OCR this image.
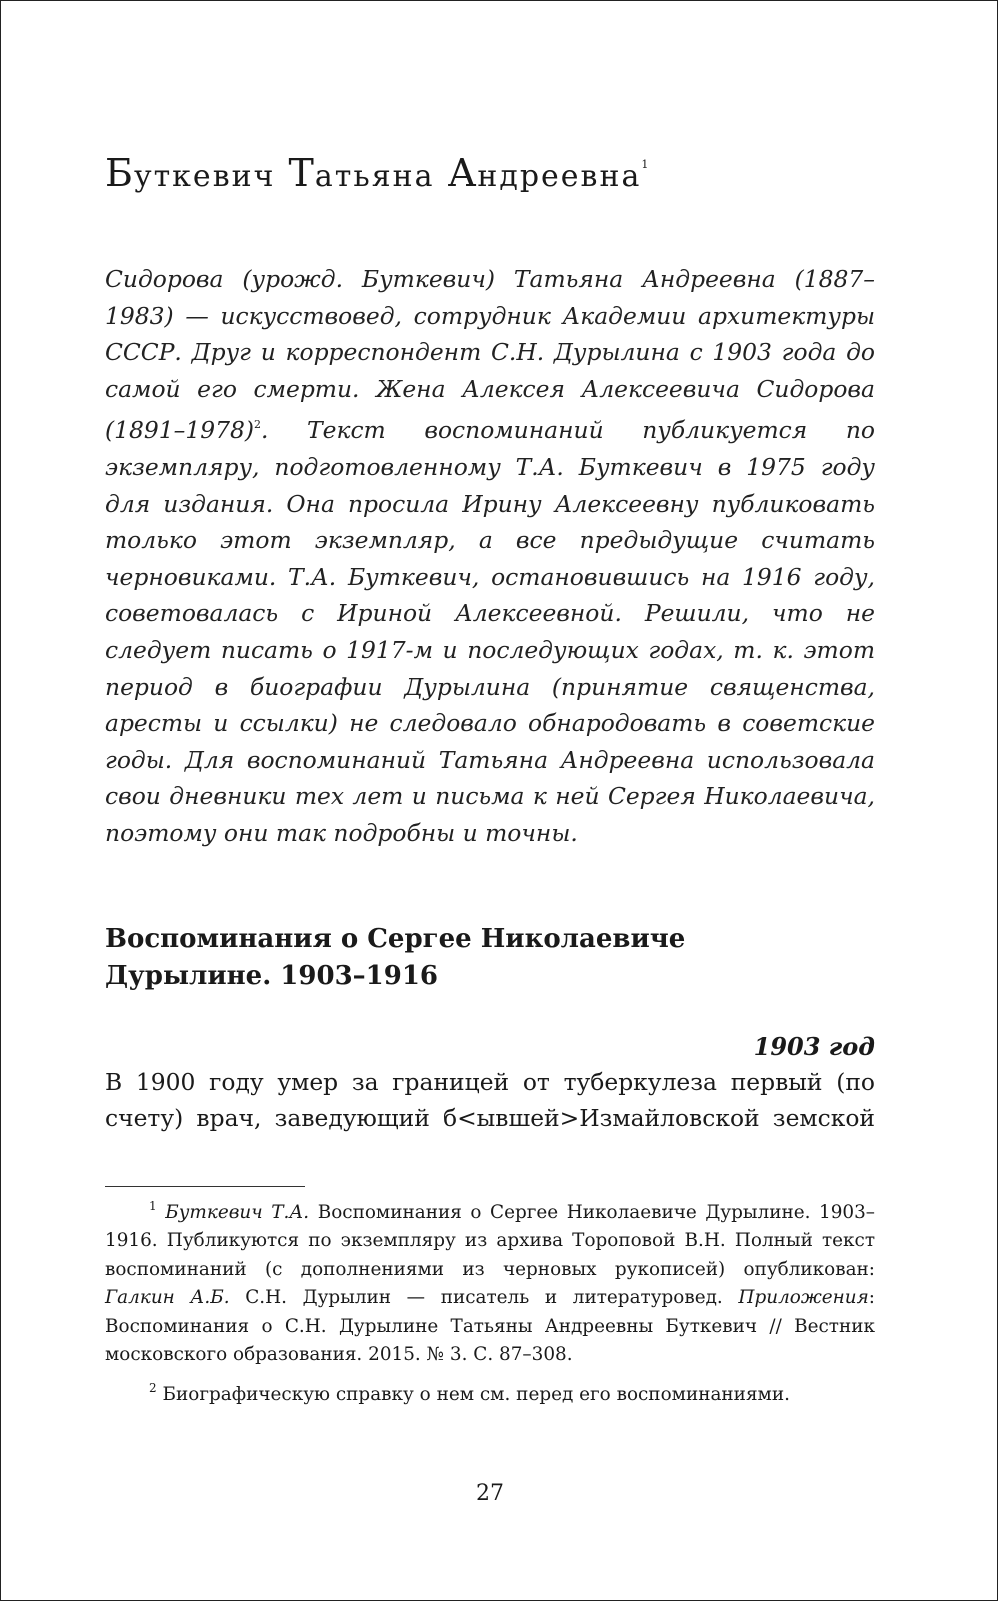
Буткевич Татьяна Андреевна$^1$

Сидорова (урожд. Буткевич) Татьяна Андреевна (1887–1983) — искусствовед, сотрудник Академии архитектуры СССР. Друг и корреспондент С.Н. Дурылина с 1903 года до самой его смерти. Жена Алексея Алексеевича Сидорова (1891–1978)$^2$. Текст воспоминаний публикуется по экземпляру, подготовленному Т.А. Буткевич в 1975 году для издания. Она просила Ирину Алексеевну публиковать только этот экземпляр, а все предыдущие считать черновиками. Т.А. Буткевич, остановившись на 1916 году, советовалась с Ириной Алексеевной. Решили, что не следует писать о 1917-м и последующих годах, т. к. этот период в биографии Дурылина (принятие священства, аресты и ссылки) не следовало обнародовать в советские годы. Для воспоминаний Татьяна Андреевна использовала свои дневники тех лет и письма к ней Сергея Николаевича, поэтому они так подробны и точны.

Воспоминания о Сергее Николаевиче
Дурылине. 1903–1916
1903 год

В 1900 году умер за границей от туберкулеза первый (по счету) врач, заведующий б<ывшей>Измайловской земской

$^1$ Буткевич Т.А. Воспоминания о Сергее Николаевиче Дурылине. 1903–1916. Публикуются по экземпляру из архива Тороповой В.Н. Полный текст воспоминаний (с дополнениями из черновых рукописей) опубликован: Галкин А.Б. С.Н. Дурылин — писатель и литературовед. Приложения: Воспоминания о С.Н. Дурылине Татьяны Андреевны Буткевич // Вестник московского образования. 2015. № 3. С. 87–308.

$^2$ Биографическую справку о нем см. перед его воспоминаниями.

27
